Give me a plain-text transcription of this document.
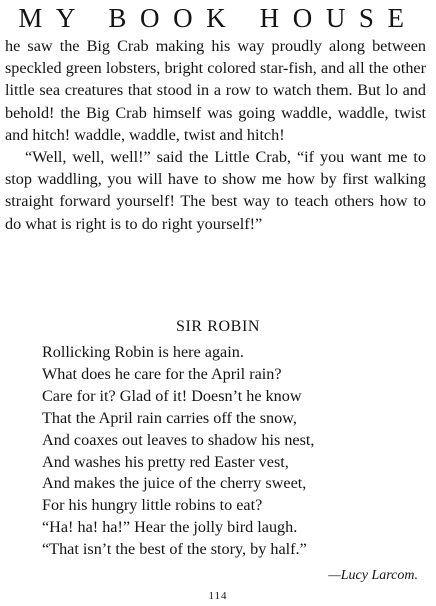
MY BOOK HOUSE

he saw the Big Crab making his way proudly along between speckled green lobsters, bright colored star-fish, and all the other little sea creatures that stood in a row to watch them. But lo and behold! the Big Crab himself was going waddle, waddle, twist and hitch! waddle, waddle, twist and hitch!

“Well, well, well!” said the Little Crab, “if you want me to stop waddling, you will have to show me how by first walking straight forward yourself! The best way to teach others how to do what is right is to do right yourself!”

SIR ROBIN
Rollicking Robin is here again.
What does he care for the April rain?
Care for it? Glad of it! Doesn’t he know
That the April rain carries off the snow,
And coaxes out leaves to shadow his nest,
And washes his pretty red Easter vest,
And makes the juice of the cherry sweet,
For his hungry little robins to eat?
“Ha! ha! ha!” Hear the jolly bird laugh.
“That isn’t the best of the story, by half.”
—Lucy Larcom.
114
